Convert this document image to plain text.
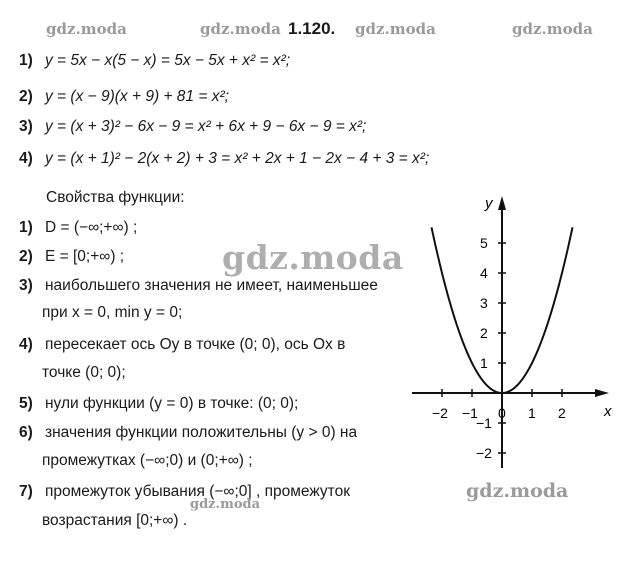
gdz.moda	gdz.moda	gdz.moda	gdz.moda
1.120.
1) y = 5x − x(5 − x) = 5x − 5x + x² = x²;
2) y = (x − 9)(x + 9) + 81 = x²;
3) y = (x + 3)² − 6x − 9 = x² + 6x + 9 − 6x − 9 = x²;
4) y = (x + 1)² − 2(x + 2) + 3 = x² + 2x + 1 − 2x − 4 + 3 = x²;
Свойства функции:
1) D = (−∞;+∞) ;
2) E = [0;+∞) ;
3) наибольшего значения не имеет, наименьшее
при x = 0, min y = 0;
4) пересекает ось Oy в точке (0; 0), ось Ox в
точке (0; 0);
5) нули функции (y = 0) в точке: (0; 0);
6) значения функции положительны (y > 0) на
промежутках (−∞;0) и (0;+∞) ;
7) промежуток убывания (−∞;0] , промежуток
возрастания [0;+∞) .
x
y
−2 −1 0 1 2
5
4
3
2
1
−1
−2
gdz.moda
gdz.moda
gdz.moda
